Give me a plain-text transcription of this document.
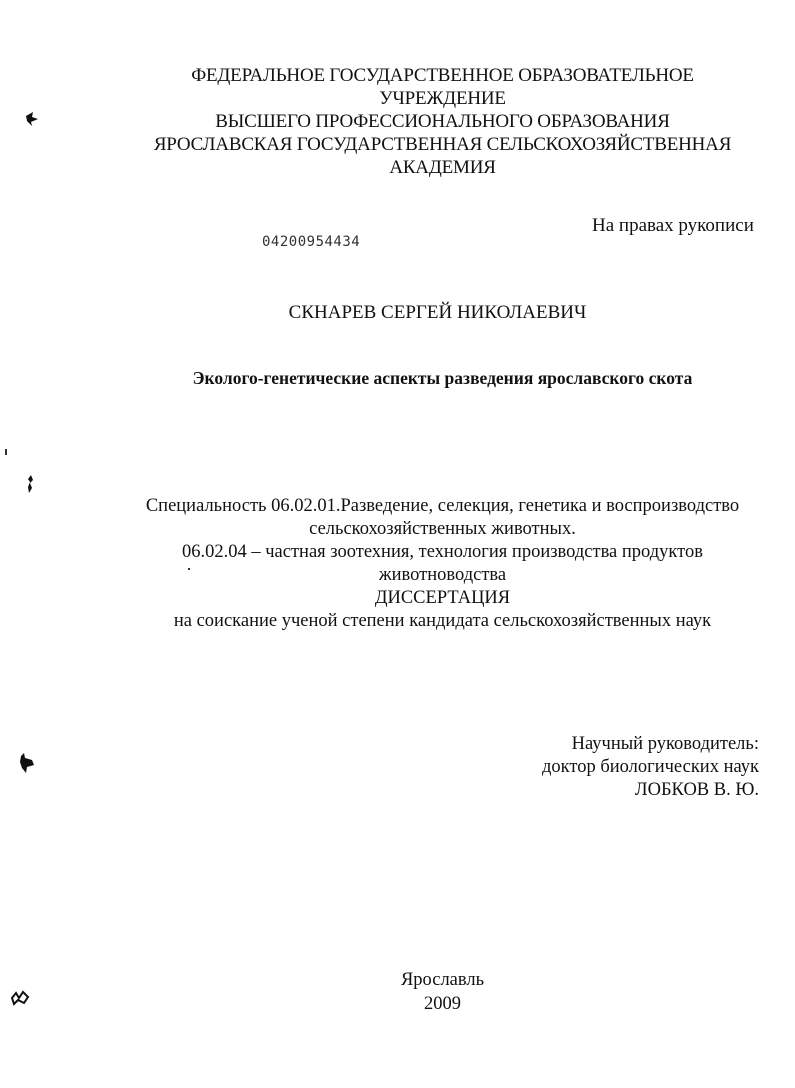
ФЕДЕРАЛЬНОЕ ГОСУДАРСТВЕННОЕ ОБРАЗОВАТЕЛЬНОЕ
УЧРЕЖДЕНИЕ
ВЫСШЕГО ПРОФЕССИОНАЛЬНОГО ОБРАЗОВАНИЯ
ЯРОСЛАВСКАЯ ГОСУДАРСТВЕННАЯ СЕЛЬСКОХОЗЯЙСТВЕННАЯ
АКАДЕМИЯ
На правах рукописи
04200954434
СКНАРЕВ СЕРГЕЙ НИКОЛАЕВИЧ
Эколого-генетические аспекты разведения ярославского скота
Специальность 06.02.01.Разведение, селекция, генетика и воспроизводство
сельскохозяйственных животных.
06.02.04 – частная зоотехния, технология производства продуктов
животноводства
ДИССЕРТАЦИЯ
на соискание ученой степени кандидата сельскохозяйственных наук
Научный руководитель:
доктор биологических наук
ЛОБКОВ В. Ю.
Ярославль
2009
